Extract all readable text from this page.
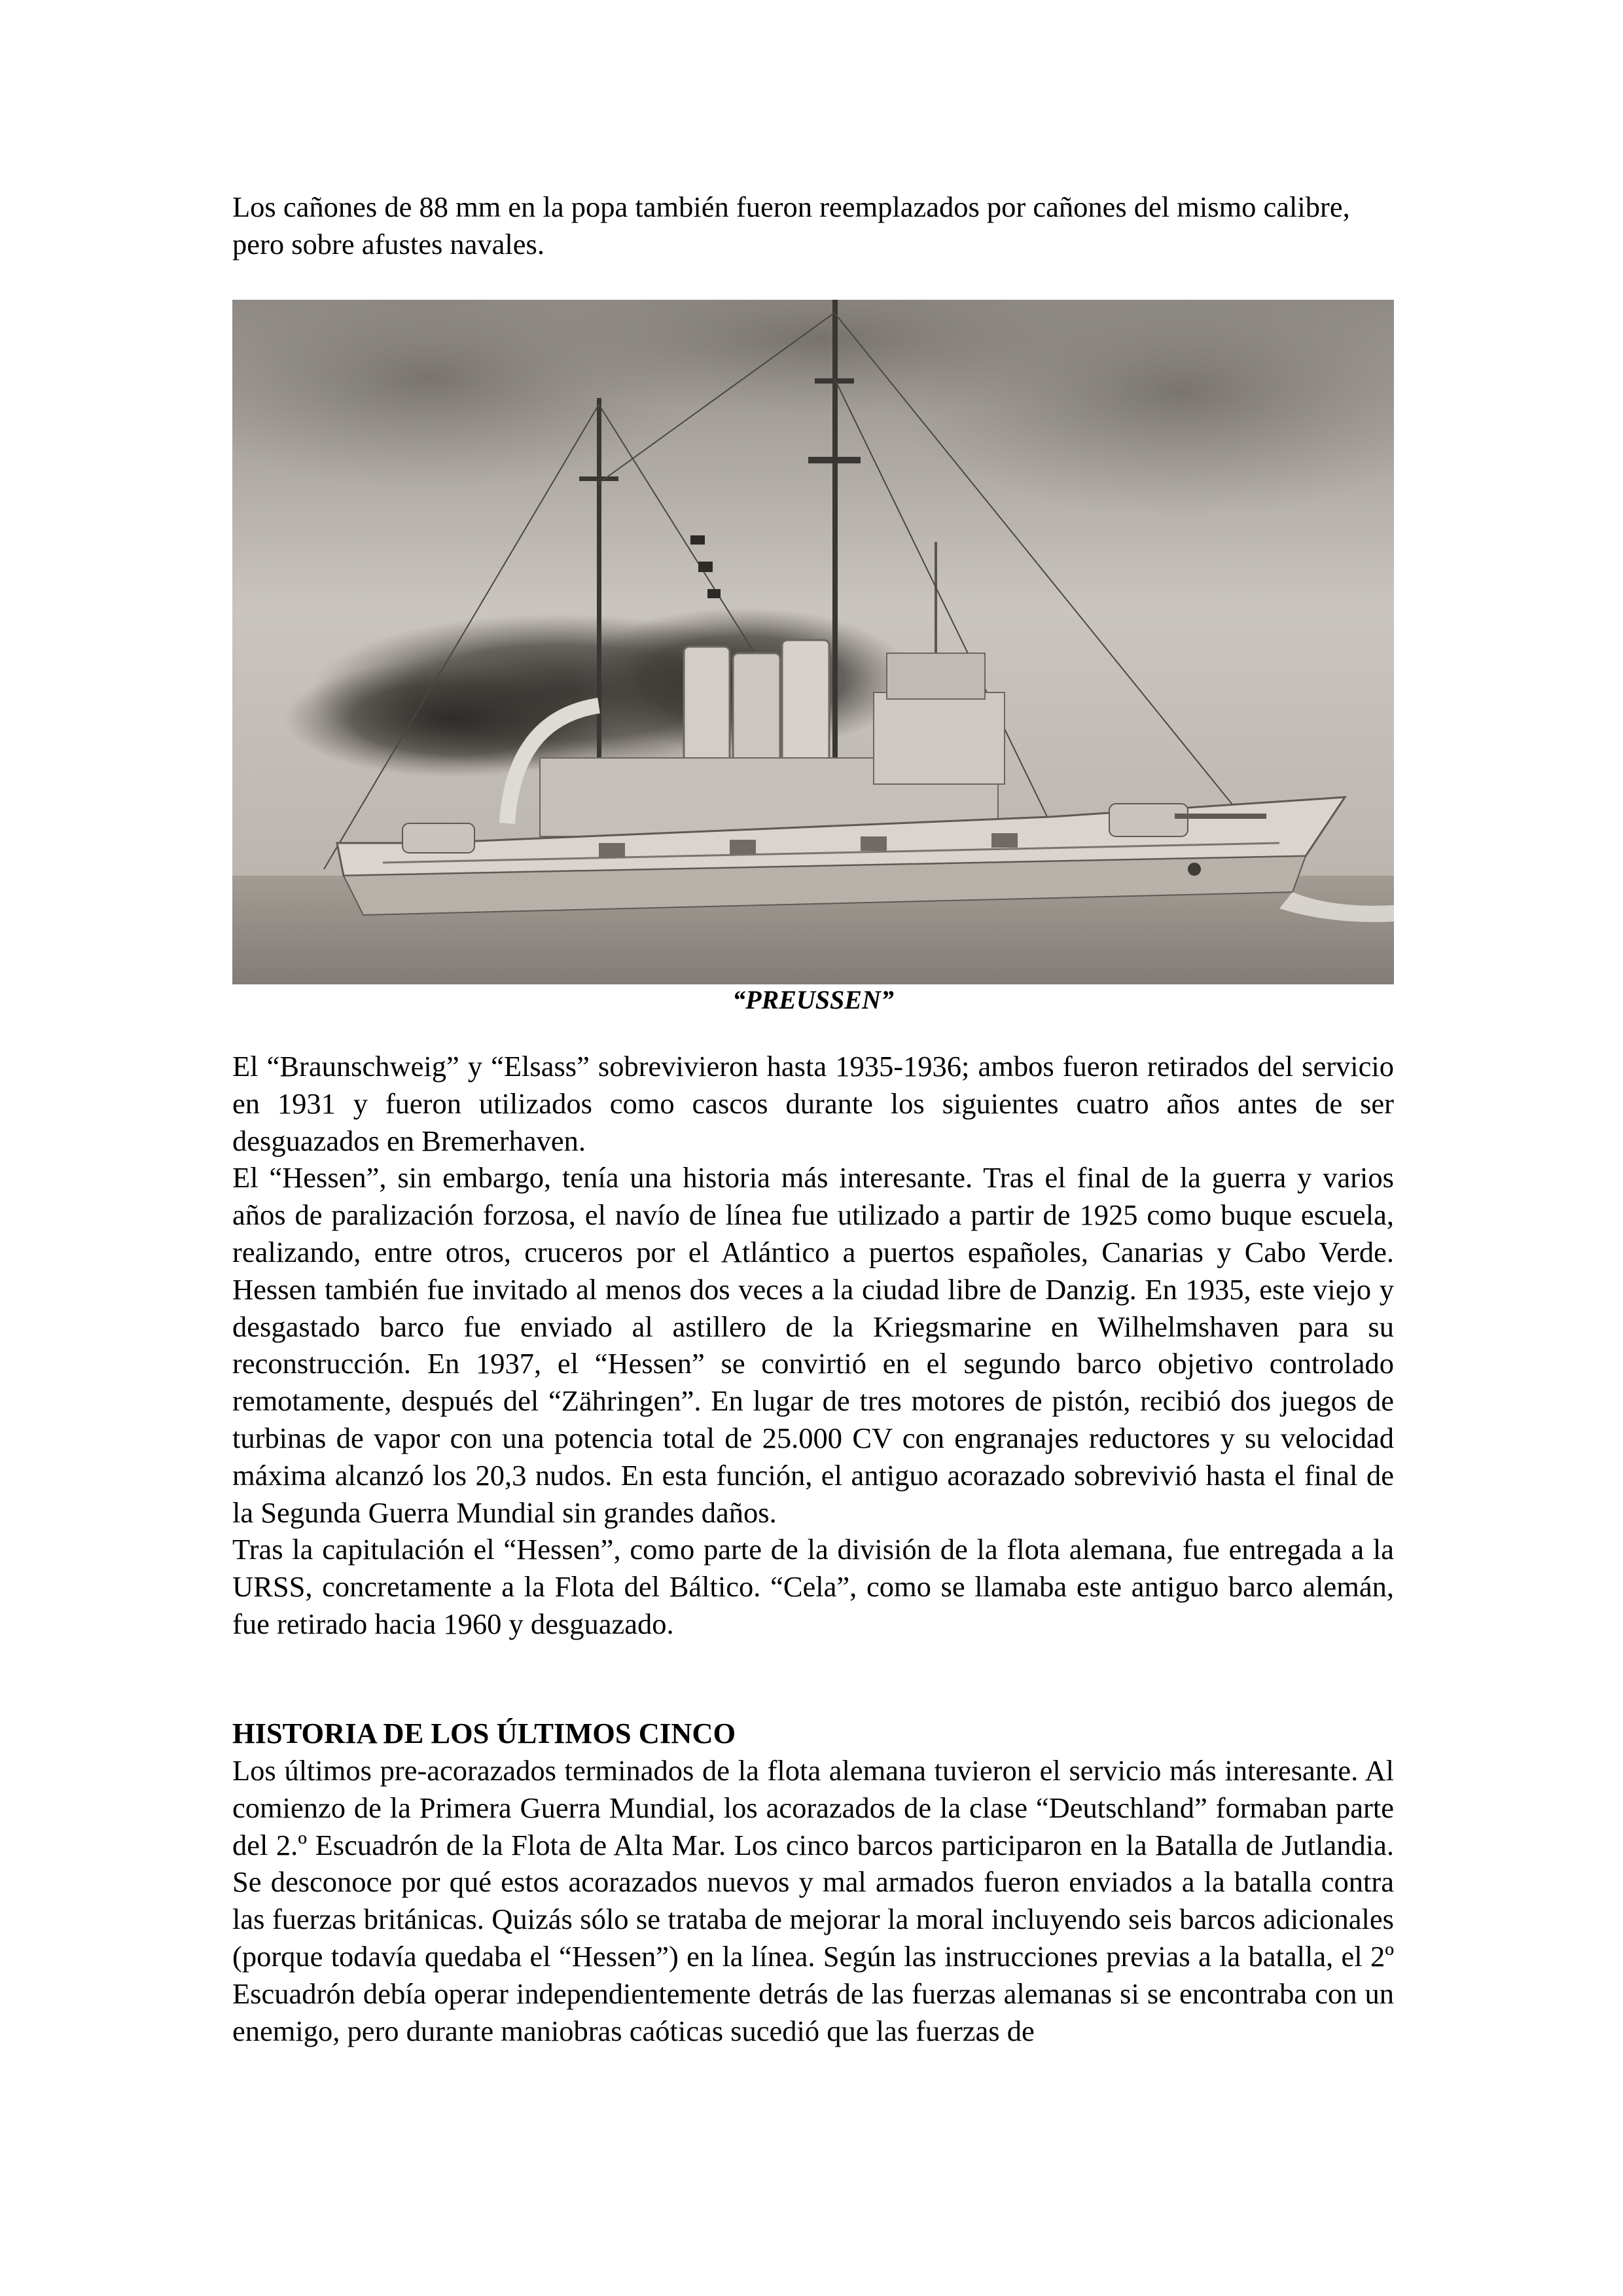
Los cañones de 88 mm en la popa también fueron reemplazados por cañones del mismo calibre, pero sobre afustes navales.

“PREUSSEN”

El “Braunschweig” y “Elsass” sobrevivieron hasta 1935-1936; ambos fueron retirados del servicio en 1931 y fueron utilizados como cascos durante los siguientes cuatro años antes de ser desguazados en Bremerhaven.

El “Hessen”, sin embargo, tenía una historia más interesante. Tras el final de la guerra y varios años de paralización forzosa, el navío de línea fue utilizado a partir de 1925 como buque escuela, realizando, entre otros, cruceros por el Atlántico a puertos españoles, Canarias y Cabo Verde. Hessen también fue invitado al menos dos veces a la ciudad libre de Danzig. En 1935, este viejo y desgastado barco fue enviado al astillero de la Kriegsmarine en Wilhelmshaven para su reconstrucción. En 1937, el “Hessen” se convirtió en el segundo barco objetivo controlado remotamente, después del “Zähringen”. En lugar de tres motores de pistón, recibió dos juegos de turbinas de vapor con una potencia total de 25.000 CV con engranajes reductores y su velocidad máxima alcanzó los 20,3 nudos. En esta función, el antiguo acorazado sobrevivió hasta el final de la Segunda Guerra Mundial sin grandes daños.

Tras la capitulación el “Hessen”, como parte de la división de la flota alemana, fue entregada a la URSS, concretamente a la Flota del Báltico. “Cela”, como se llamaba este antiguo barco alemán, fue retirado hacia 1960 y desguazado.

HISTORIA DE LOS ÚLTIMOS CINCO

Los últimos pre-acorazados terminados de la flota alemana tuvieron el servicio más interesante. Al comienzo de la Primera Guerra Mundial, los acorazados de la clase “Deutschland” formaban parte del 2.º Escuadrón de la Flota de Alta Mar. Los cinco barcos participaron en la Batalla de Jutlandia. Se desconoce por qué estos acorazados nuevos y mal armados fueron enviados a la batalla contra las fuerzas británicas. Quizás sólo se trataba de mejorar la moral incluyendo seis barcos adicionales (porque todavía quedaba el “Hessen”) en la línea. Según las instrucciones previas a la batalla, el 2º Escuadrón debía operar independientemente detrás de las fuerzas alemanas si se encontraba con un enemigo, pero durante maniobras caóticas sucedió que las fuerzas de
